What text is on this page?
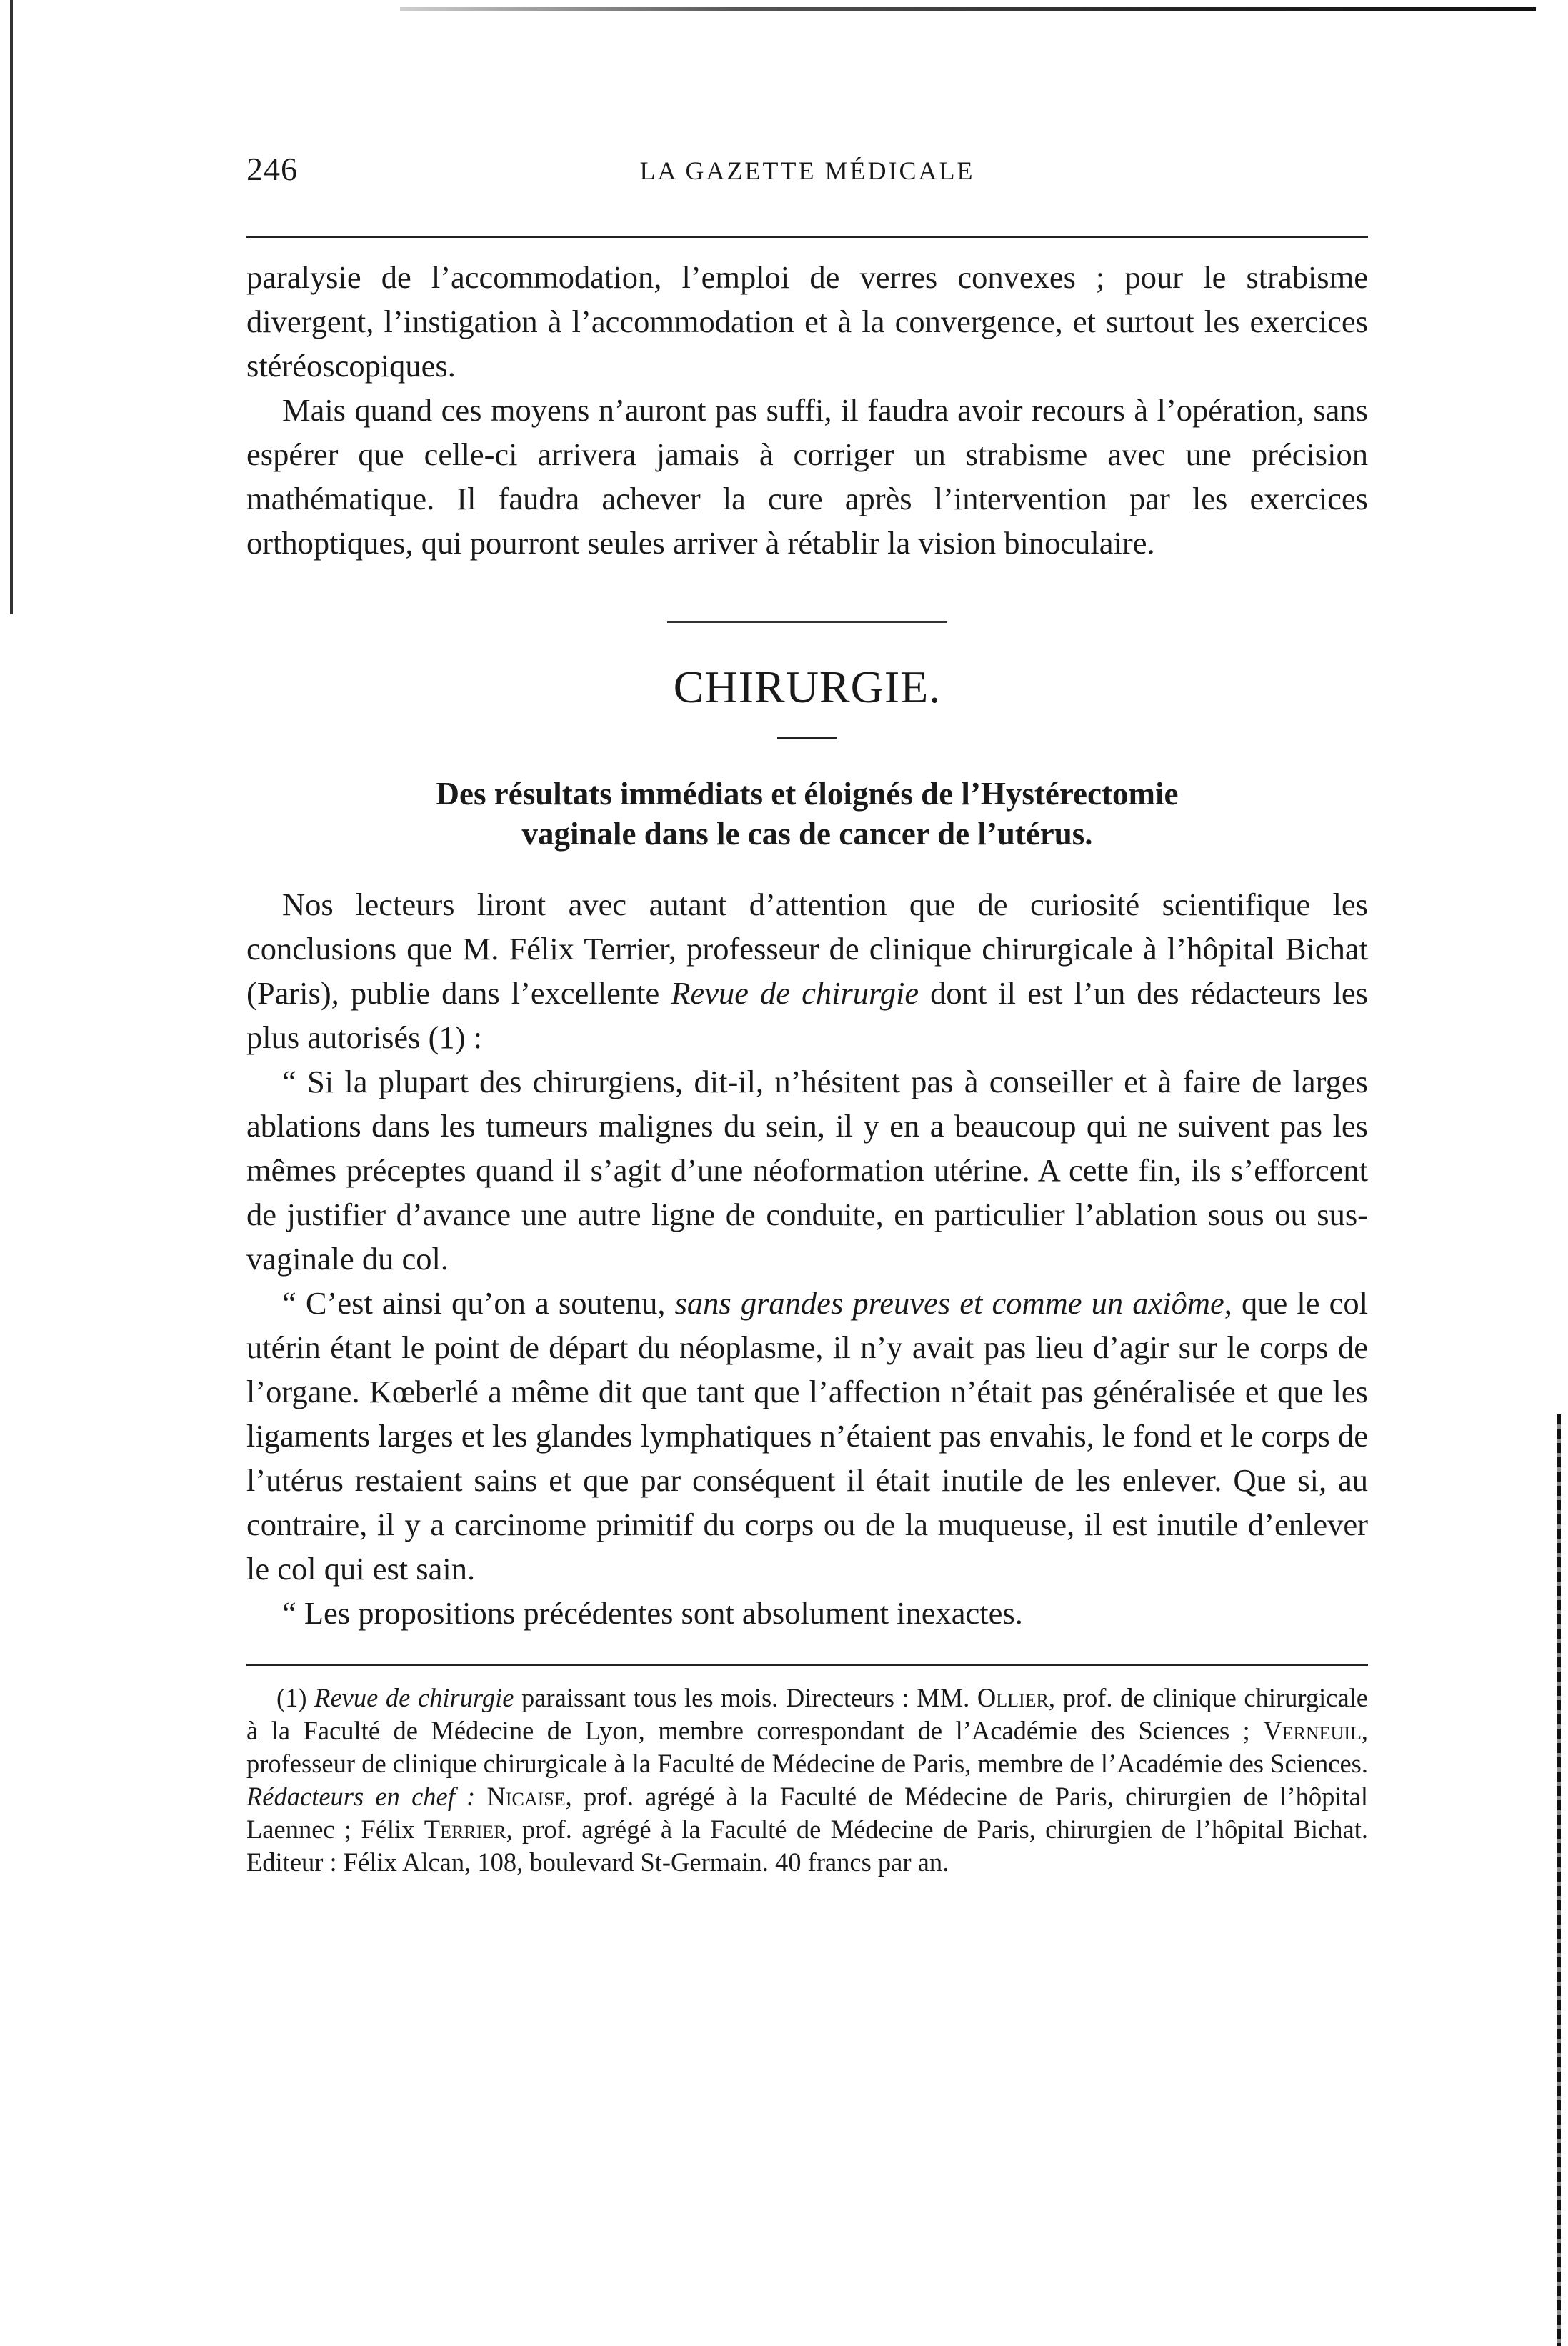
246	LA GAZETTE MÉDICALE

paralysie de l’accommodation, l’emploi de verres convexes ; pour le strabisme divergent, l’instigation à l’accommodation et à la convergence, et surtout les exercices stéréoscopiques.

Mais quand ces moyens n’auront pas suffi, il faudra avoir recours à l’opération, sans espérer que celle-ci arrivera jamais à corriger un strabisme avec une précision mathématique. Il faudra achever la cure après l’intervention par les exercices orthoptiques, qui pourront seules arriver à rétablir la vision binoculaire.

CHIRURGIE.
Des résultats immédiats et éloignés de l’Hystérectomie
vaginale dans le cas de cancer de l’utérus.

Nos lecteurs liront avec autant d’attention que de curiosité scientifique les conclusions que M. Félix Terrier, professeur de clinique chirurgicale à l’hôpital Bichat (Paris), publie dans l’excellente Revue de chirurgie dont il est l’un des rédacteurs les plus autorisés (1) :

“ Si la plupart des chirurgiens, dit-il, n’hésitent pas à conseiller et à faire de larges ablations dans les tumeurs malignes du sein, il y en a beaucoup qui ne suivent pas les mêmes préceptes quand il s’agit d’une néoformation utérine. A cette fin, ils s’efforcent de justifier d’avance une autre ligne de conduite, en particulier l’ablation sous ou sus-vaginale du col.

“ C’est ainsi qu’on a soutenu, sans grandes preuves et comme un axiôme, que le col utérin étant le point de départ du néoplasme, il n’y avait pas lieu d’agir sur le corps de l’organe. Kœberlé a même dit que tant que l’affection n’était pas généralisée et que les ligaments larges et les glandes lymphatiques n’étaient pas envahis, le fond et le corps de l’utérus restaient sains et que par conséquent il était inutile de les enlever. Que si, au contraire, il y a carcinome primitif du corps ou de la muqueuse, il est inutile d’enlever le col qui est sain.

“ Les propositions précédentes sont absolument inexactes.

(1) Revue de chirurgie paraissant tous les mois. Directeurs : MM. Ollier, prof. de clinique chirurgicale à la Faculté de Médecine de Lyon, membre correspondant de l’Académie des Sciences ; Verneuil, professeur de clinique chirurgicale à la Faculté de Médecine de Paris, membre de l’Académie des Sciences. Rédacteurs en chef : Nicaise, prof. agrégé à la Faculté de Médecine de Paris, chirurgien de l’hôpital Laennec ; Félix Terrier, prof. agrégé à la Faculté de Médecine de Paris, chirurgien de l’hôpital Bichat. Editeur : Félix Alcan, 108, boulevard St-Germain. 40 francs par an.
